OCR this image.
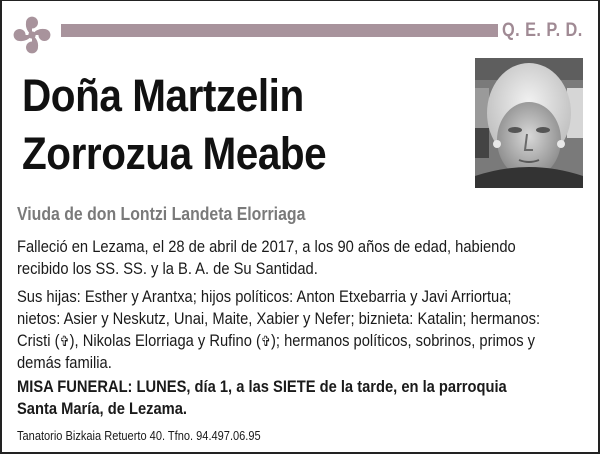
Q. E. P. D.
Doña Martzelin
Zorrozua Meabe
Viuda de don Lontzi Landeta Elorriaga
Falleció en Lezama, el 28 de abril de 2017, a los 90 años de edad, habiendo
recibido los SS. SS. y la B. A. de Su Santidad.
Sus hijas: Esther y Arantxa; hijos políticos: Anton Etxebarria y Javi Arriortua;
nietos: Asier y Neskutz, Unai, Maite, Xabier y Nefer; biznieta: Katalin; hermanos:
Cristi (✞), Nikolas Elorriaga y Rufino (✞); hermanos políticos, sobrinos, primos y
demás familia.
MISA FUNERAL: LUNES, día 1, a las SIETE de la tarde, en la parroquia
Santa María, de Lezama.
Tanatorio Bizkaia Retuerto 40. Tfno. 94.497.06.95
